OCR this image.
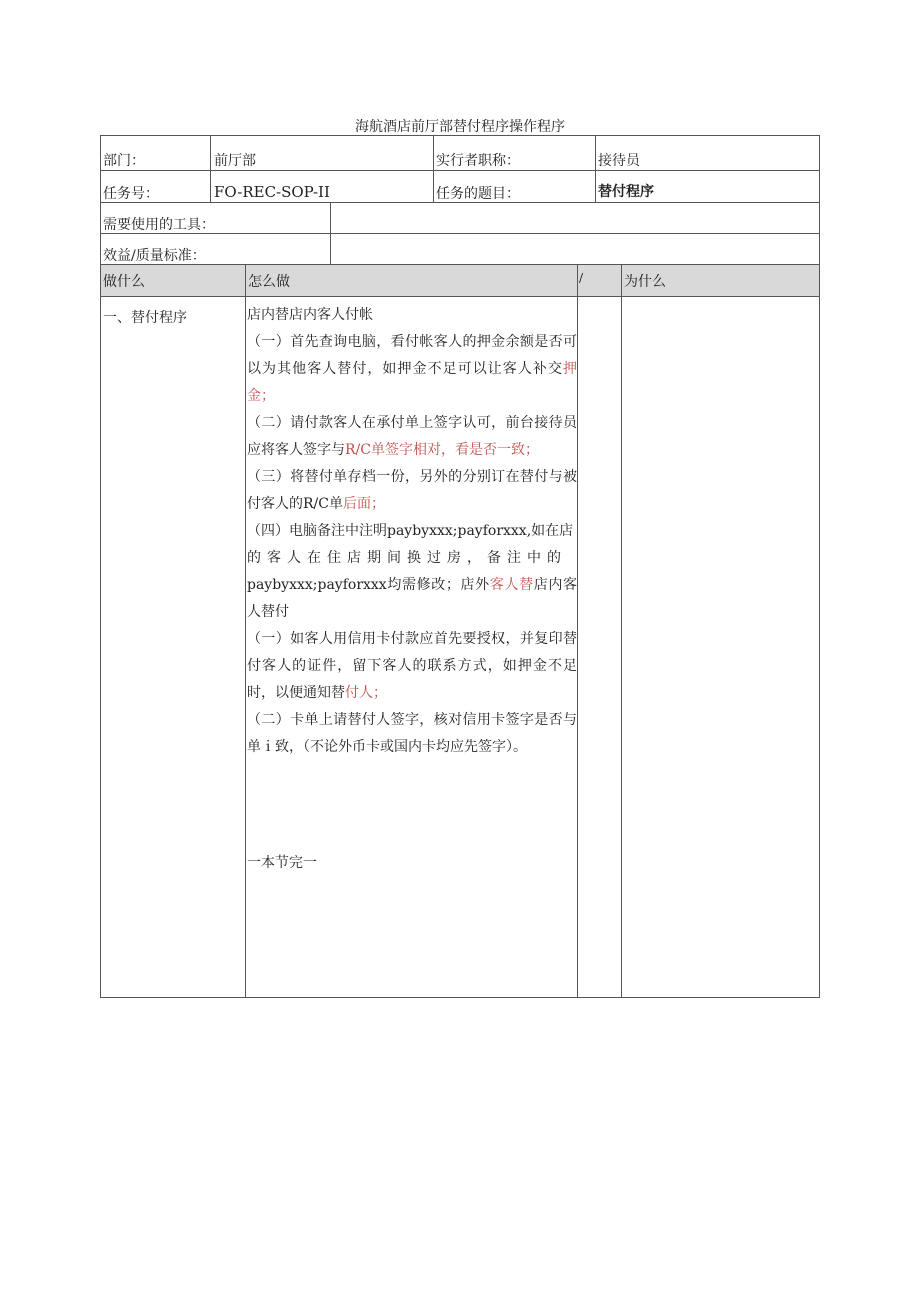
海航酒店前厅部替付程序操作程序
部门：	前厅部	实行者职称：	接待员
任务号：	FO-REC-SOP-II	任务的题目：	替付程序
需要使用的工具：
效益/质量标准：
做什么	怎么做	/	为什么
一、替付程序	店内替店内客人付帐

（一）首先查询电脑，看付帐客人的押金余额是否可以为其他客人替付，如押金不足可以让客人补交押金；

（二）请付款客人在承付单上签字认可，前台接待员应将客人签字与R/C单签字相对，看是否一致；

（三）将替付单存档一份，另外的分别订在替付与被付客人的R/C单后面；

（四）电脑备注中注明paybyxxx;payforxxx,如在店

的客人在住店期间换过房，备注中的

paybyxxx;payforxxx均需修改；店外客人替店内客人替付

（一）如客人用信用卡付款应首先要授权，并复印替付客人的证件，留下客人的联系方式，如押金不足时，以便通知替付人；

（二）卡单上请替付人签字，核对信用卡签字是否与单ｉ致，（不论外币卡或国内卡均应先签字）。

一本节完一
